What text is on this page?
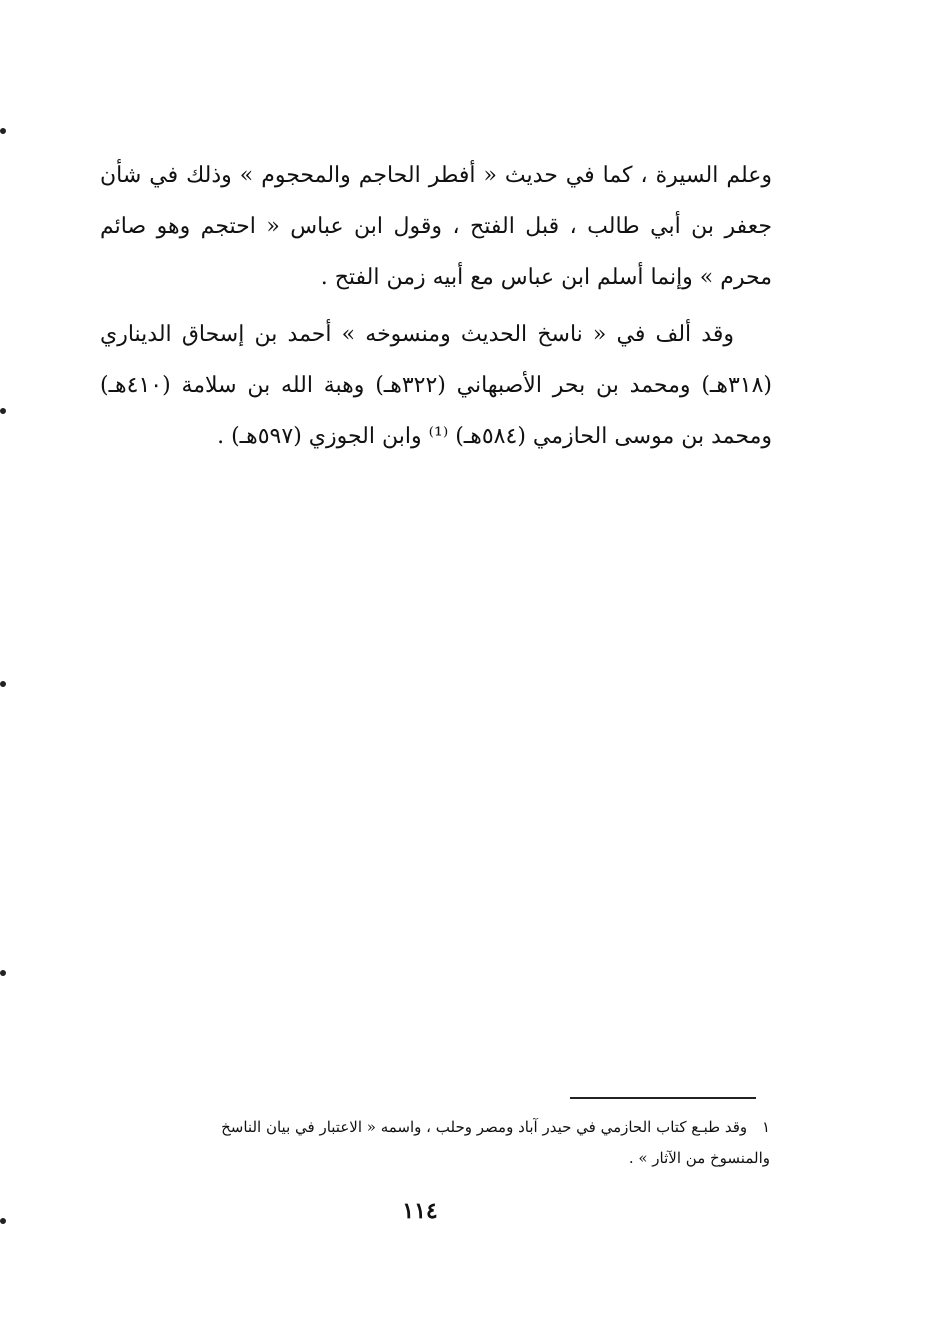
وعلم السيرة ، كما في حديث « أفطر الحاجم والمحجوم » وذلك في شأن جعفر بن أبي طالب ، قبل الفتح ، وقول ابن عباس « احتجم وهو صائم محرم » وإنما أسلم ابن عباس مع أبيه زمن الفتح .

وقد ألف في « ناسخ الحديث ومنسوخه » أحمد بن إسحاق الديناري (٣١٨هـ) ومحمد بن بحر الأصبهاني (٣٢٢هـ) وهبة الله بن سلامة (٤١٠هـ) ومحمد بن موسى الحازمي (٥٨٤هـ) ⁽¹⁾ وابن الجوزي (٥٩٧هـ) .

١ وقد طبـع كتاب الحازمي في حيدر آباد ومصر وحلب ، واسمه « الاعتبار في بيان الناسخ
والمنسوخ من الآثار » .

١١٤
